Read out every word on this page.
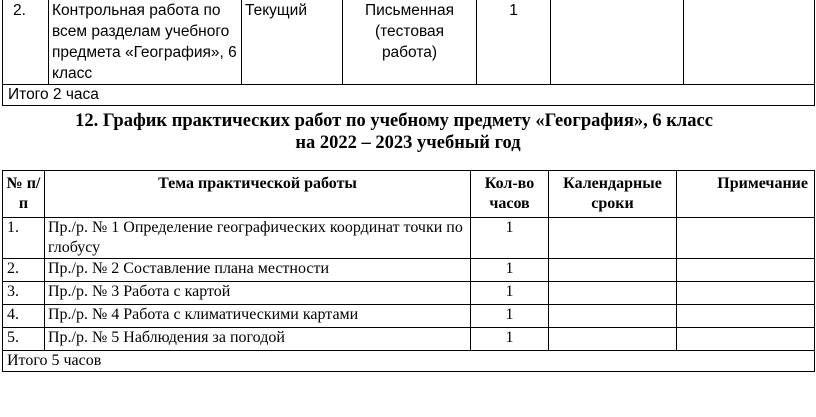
2.	Контрольная работа по всем разделам учебного предмета «География», 6 класс	Текущий	Письменная (тестовая работа)	1		
Итого 2 часа
12. График практических работ по учебному предмету «География», 6 класс
на 2022 – 2023 учебный год
№ п/п	Тема практической работы	Кол-во часов	Календарные сроки	Примечание
1.	Пр./р. № 1 Определение географических координат точки по глобусу	1		
2.	Пр./р. № 2 Составление плана местности	1		
3.	Пр./р. № 3 Работа с картой	1		
4.	Пр./р. № 4 Работа с климатическими картами	1		
5.	Пр./р. № 5 Наблюдения за погодой	1		
Итого 5 часов				
